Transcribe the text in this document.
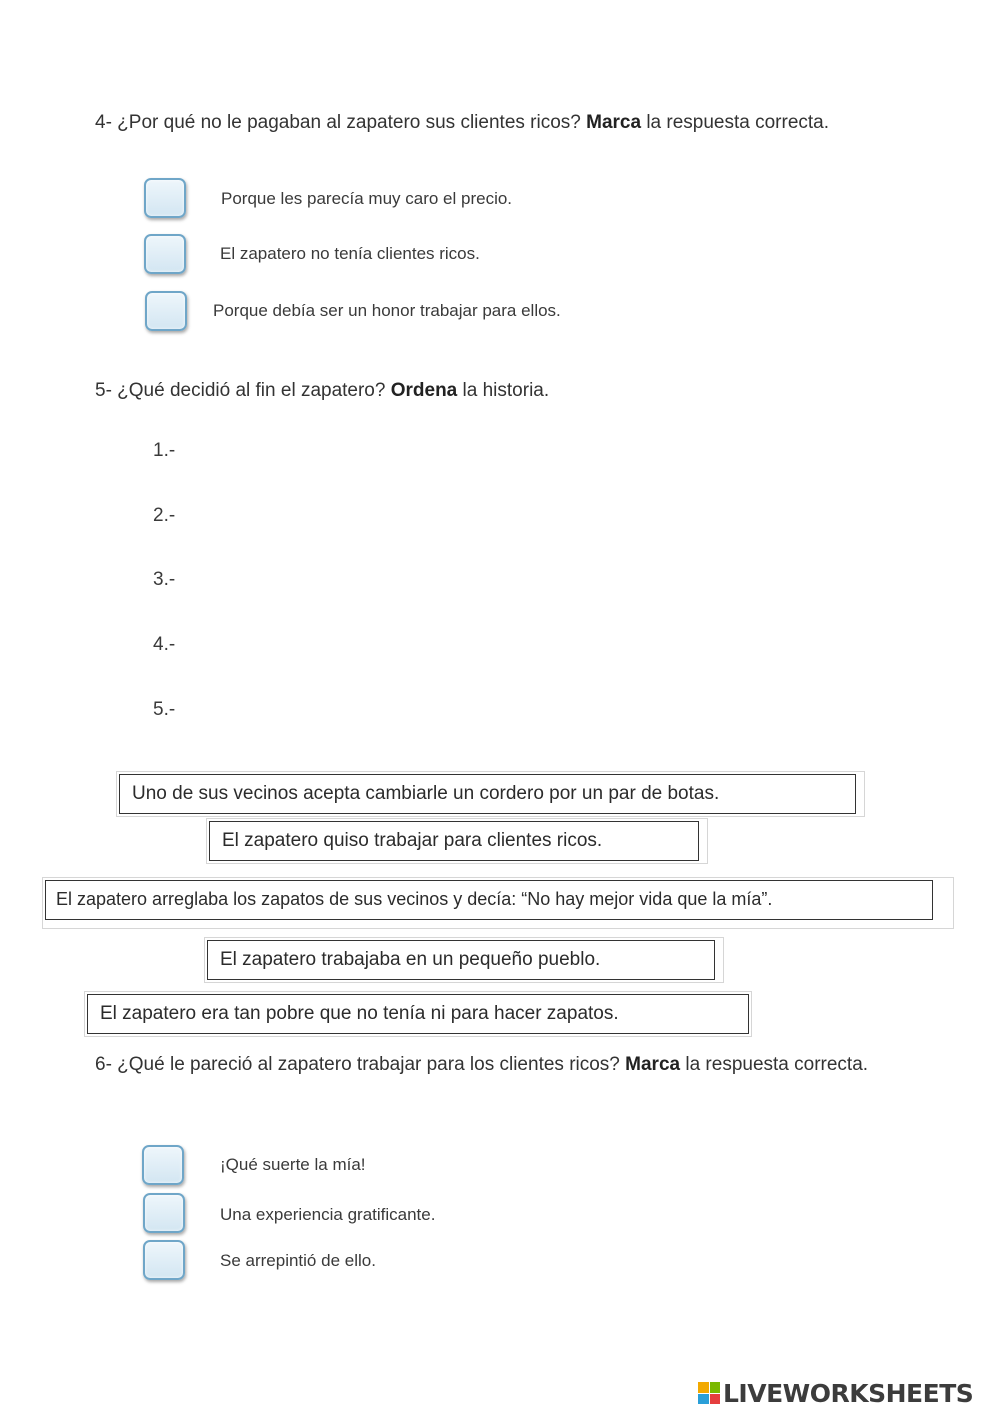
4- ¿Por qué no le pagaban al zapatero sus clientes ricos? Marca la respuesta correcta.
Porque les parecía muy caro el precio.
El zapatero no tenía clientes ricos.
Porque debía ser un honor trabajar para ellos.
5- ¿Qué decidió al fin el zapatero? Ordena la historia.
1.-
2.-
3.-
4.-
5.-
Uno de sus vecinos acepta cambiarle un cordero por un par de botas.
El zapatero quiso trabajar para clientes ricos.
El zapatero arreglaba los zapatos de sus vecinos y decía: “No hay mejor vida que la mía”.
El zapatero trabajaba en un pequeño pueblo.
El zapatero era tan pobre que no tenía ni para hacer zapatos.
6- ¿Qué le pareció al zapatero trabajar para los clientes ricos? Marca la respuesta correcta.
¡Qué suerte la mía!
Una experiencia gratificante.
Se arrepintió de ello.
LIVEWORKSHEETS
